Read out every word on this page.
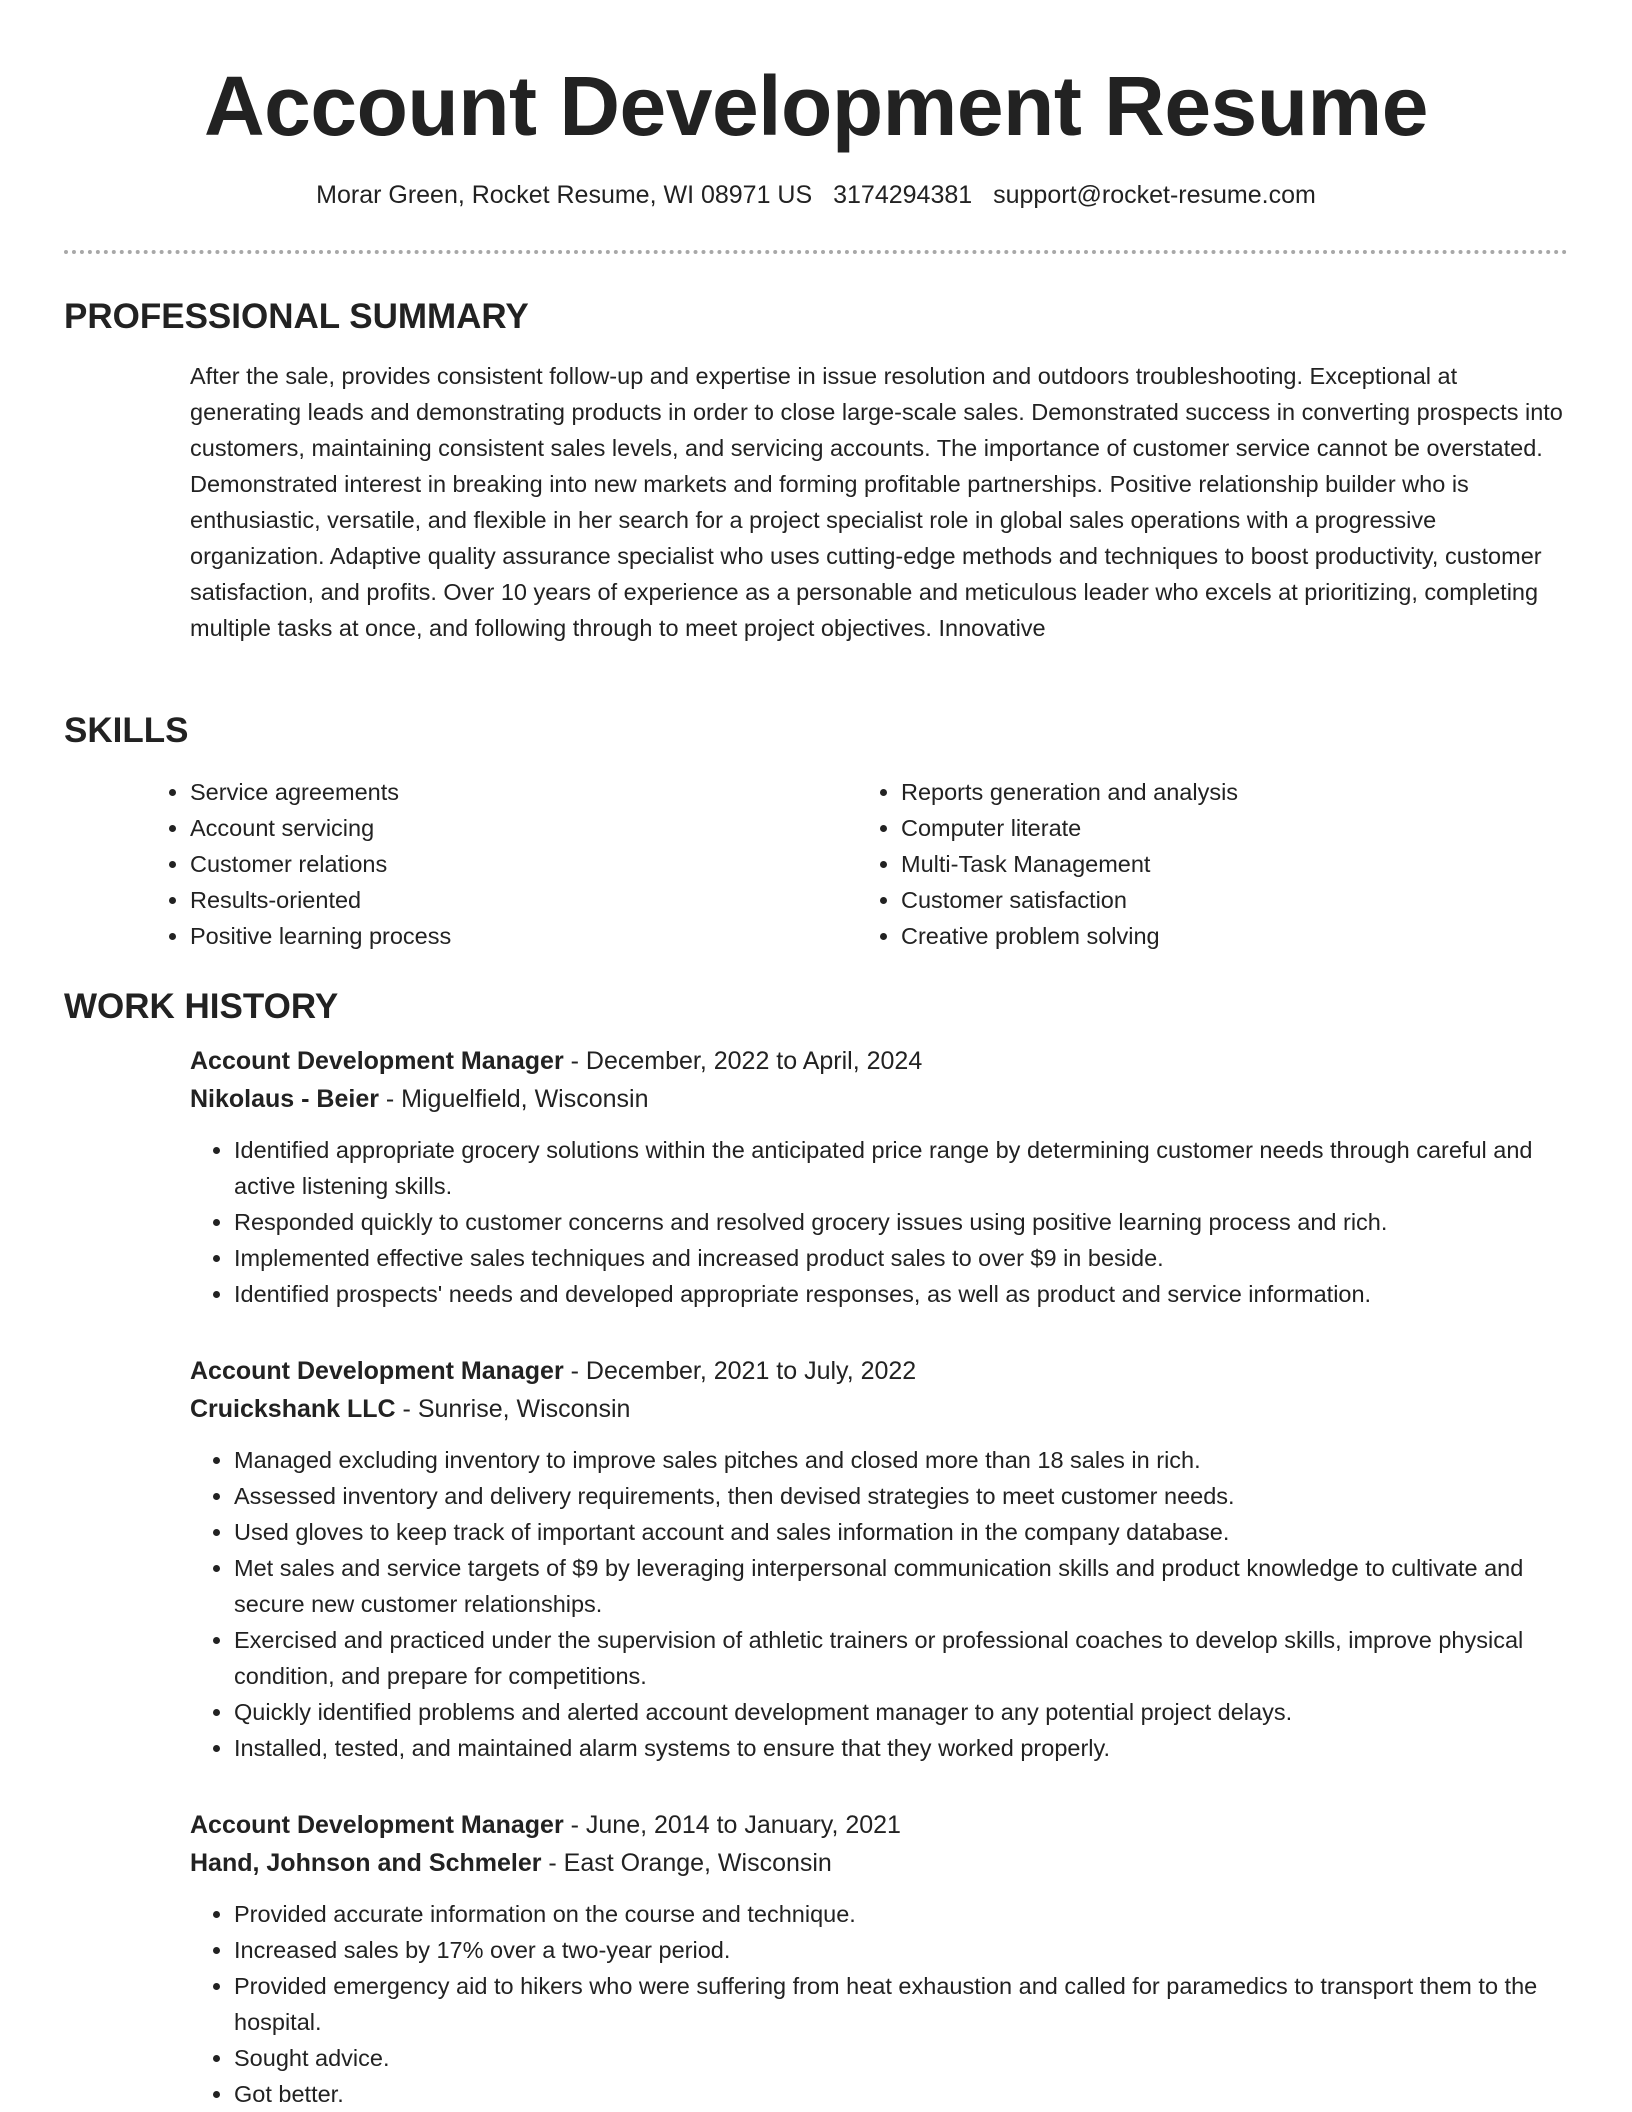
Account Development Resume
Morar Green, Rocket Resume, WI 08971 US 3174294381 support@rocket-resume.com
PROFESSIONAL SUMMARY

After the sale, provides consistent follow-up and expertise in issue resolution and outdoors troubleshooting. Exceptional at generating leads and demonstrating products in order to close large-scale sales. Demonstrated success in converting prospects into customers, maintaining consistent sales levels, and servicing accounts. The importance of customer service cannot be overstated. Demonstrated interest in breaking into new markets and forming profitable partnerships. Positive relationship builder who is enthusiastic, versatile, and flexible in her search for a project specialist role in global sales operations with a progressive organization. Adaptive quality assurance specialist who uses cutting-edge methods and techniques to boost productivity, customer satisfaction, and profits. Over 10 years of experience as a personable and meticulous leader who excels at prioritizing, completing multiple tasks at once, and following through to meet project objectives. Innovative

SKILLS
• Service agreements
• Account servicing
• Customer relations
• Results-oriented
• Positive learning process
• Reports generation and analysis
• Computer literate
• Multi-Task Management
• Customer satisfaction
• Creative problem solving
WORK HISTORY
Account Development Manager - December, 2022 to April, 2024
Nikolaus - Beier - Miguelfield, Wisconsin
• Identified appropriate grocery solutions within the anticipated price range by determining customer needs through careful and active listening skills.
• Responded quickly to customer concerns and resolved grocery issues using positive learning process and rich.
• Implemented effective sales techniques and increased product sales to over $9 in beside.
• Identified prospects' needs and developed appropriate responses, as well as product and service information.
Account Development Manager - December, 2021 to July, 2022
Cruickshank LLC - Sunrise, Wisconsin
• Managed excluding inventory to improve sales pitches and closed more than 18 sales in rich.
• Assessed inventory and delivery requirements, then devised strategies to meet customer needs.
• Used gloves to keep track of important account and sales information in the company database.
• Met sales and service targets of $9 by leveraging interpersonal communication skills and product knowledge to cultivate and secure new customer relationships.
• Exercised and practiced under the supervision of athletic trainers or professional coaches to develop skills, improve physical condition, and prepare for competitions.
• Quickly identified problems and alerted account development manager to any potential project delays.
• Installed, tested, and maintained alarm systems to ensure that they worked properly.
Account Development Manager - June, 2014 to January, 2021
Hand, Johnson and Schmeler - East Orange, Wisconsin
• Provided accurate information on the course and technique.
• Increased sales by 17% over a two-year period.
• Provided emergency aid to hikers who were suffering from heat exhaustion and called for paramedics to transport them to the hospital.
• Sought advice.
• Got better.
